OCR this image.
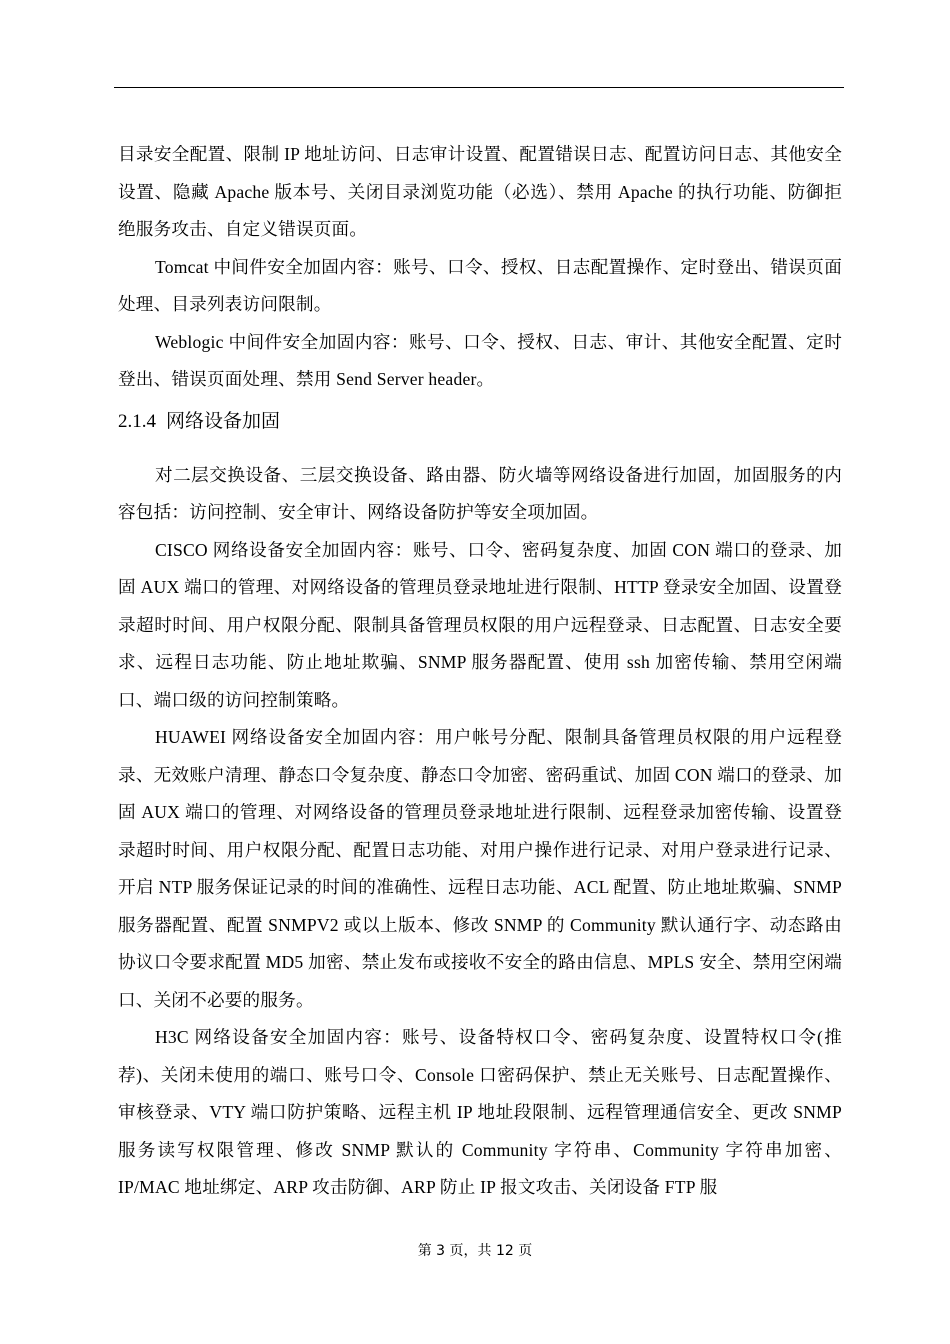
目录安全配置、限制 IP 地址访问、日志审计设置、配置错误日志、配置访问日志、其他安全设置、隐藏 Apache 版本号、关闭目录浏览功能（必选）、禁用 Apache 的执行功能、防御拒绝服务攻击、自定义错误页面。

Tomcat 中间件安全加固内容：账号、口令、授权、日志配置操作、定时登出、错误页面处理、目录列表访问限制。

Weblogic 中间件安全加固内容：账号、口令、授权、日志、审计、其他安全配置、定时登出、错误页面处理、禁用 Send Server header。

2.1.4 网络设备加固

对二层交换设备、三层交换设备、路由器、防火墙等网络设备进行加固，加固服务的内容包括：访问控制、安全审计、网络设备防护等安全项加固。

CISCO 网络设备安全加固内容：账号、口令、密码复杂度、加固 CON 端口的登录、加固 AUX 端口的管理、对网络设备的管理员登录地址进行限制、HTTP 登录安全加固、设置登录超时时间、用户权限分配、限制具备管理员权限的用户远程登录、日志配置、日志安全要求、远程日志功能、防止地址欺骗、SNMP 服务器配置、使用 ssh 加密传输、禁用空闲端口、端口级的访问控制策略。

HUAWEI 网络设备安全加固内容：用户帐号分配、限制具备管理员权限的用户远程登录、无效账户清理、静态口令复杂度、静态口令加密、密码重试、加固 CON 端口的登录、加固 AUX 端口的管理、对网络设备的管理员登录地址进行限制、远程登录加密传输、设置登录超时时间、用户权限分配、配置日志功能、对用户操作进行记录、对用户登录进行记录、开启 NTP 服务保证记录的时间的准确性、远程日志功能、ACL 配置、防止地址欺骗、SNMP 服务器配置、配置 SNMPV2 或以上版本、修改 SNMP 的 Community 默认通行字、动态路由协议口令要求配置 MD5 加密、禁止发布或接收不安全的路由信息、MPLS 安全、禁用空闲端口、关闭不必要的服务。

H3C 网络设备安全加固内容：账号、设备特权口令、密码复杂度、设置特权口令(推荐)、关闭未使用的端口、账号口令、Console 口密码保护、禁止无关账号、日志配置操作、审核登录、VTY 端口防护策略、远程主机 IP 地址段限制、远程管理通信安全、更改 SNMP 服务读写权限管理、修改 SNMP 默认的 Community 字符串、Community 字符串加密、IP/MAC 地址绑定、ARP 攻击防御、ARP 防止 IP 报文攻击、关闭设备 FTP 服

第 3 页，共 12 页
